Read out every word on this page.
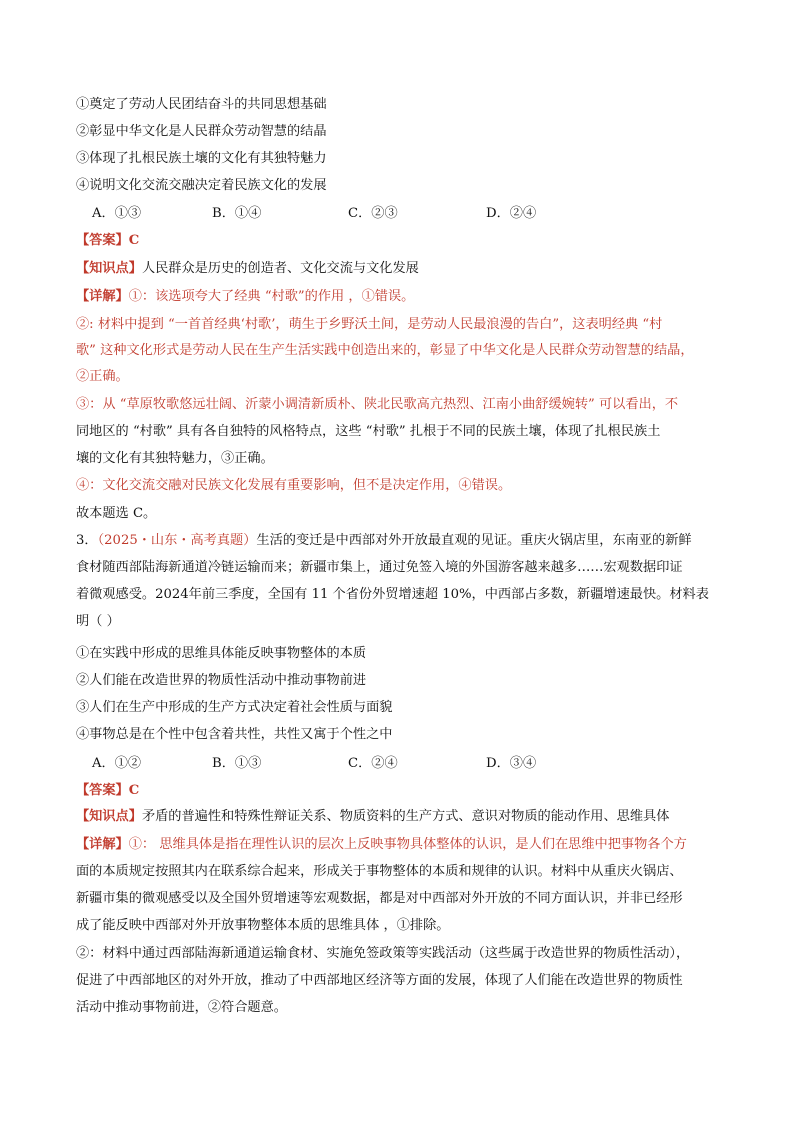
①奠定了劳动人民团结奋斗的共同思想基础
②彰显中华文化是人民群众劳动智慧的结晶
③体现了扎根民族土壤的文化有其独特魅力
④说明文化交流交融决定着民族文化的发展
A．①③	B．①④	C．②③	D．②④
【答案】C
【知识点】人民群众是历史的创造者、文化交流与文化发展
【详解】①：该选项夸大了经典 “村歌”的作用 ，①错误。
②: 材料中提到 “一首首经典‘村歌’，萌生于乡野沃土间，是劳动人民最浪漫的告白”，这表明经典 “村
歌” 这种文化形式是劳动人民在生产生活实践中创造出来的，彰显了中华文化是人民群众劳动智慧的结晶，
②正确。
③：从 “草原牧歌悠远壮阔、沂蒙小调清新质朴、陕北民歌高亢热烈、江南小曲舒缓婉转” 可以看出，不
同地区的 “村歌” 具有各自独特的风格特点，这些 “村歌” 扎根于不同的民族土壤，体现了扎根民族土
壤的文化有其独特魅力，③正确。
④：文化交流交融对民族文化发展有重要影响，但不是决定作用，④错误。
故本题选 C。
3．（2025・山东・高考真题）生活的变迁是中西部对外开放最直观的见证。重庆火锅店里，东南亚的新鲜
食材随西部陆海新通道冷链运输而来；新疆市集上，通过免签入境的外国游客越来越多……宏观数据印证
着微观感受。2024年前三季度，全国有 11 个省份外贸增速超 10%，中西部占多数，新疆增速最快。材料表
明（ ）
①在实践中形成的思维具体能反映事物整体的本质
②人们能在改造世界的物质性活动中推动事物前进
③人们在生产中形成的生产方式决定着社会性质与面貌
④事物总是在个性中包含着共性，共性又寓于个性之中
A．①②	B．①③	C．②④	D．③④
【答案】C
【知识点】矛盾的普遍性和特殊性辩证关系、物质资料的生产方式、意识对物质的能动作用、思维具体
【详解】①： 思维具体是指在理性认识的层次上反映事物具体整体的认识，是人们在思维中把事物各个方
面的本质规定按照其内在联系综合起来，形成关于事物整体的本质和规律的认识。材料中从重庆火锅店、
新疆市集的微观感受以及全国外贸增速等宏观数据，都是对中西部对外开放的不同方面认识，并非已经形
成了能反映中西部对外开放事物整体本质的思维具体 ，①排除。
②：材料中通过西部陆海新通道运输食材、实施免签政策等实践活动（这些属于改造世界的物质性活动），
促进了中西部地区的对外开放，推动了中西部地区经济等方面的发展，体现了人们能在改造世界的物质性
活动中推动事物前进，②符合题意。
